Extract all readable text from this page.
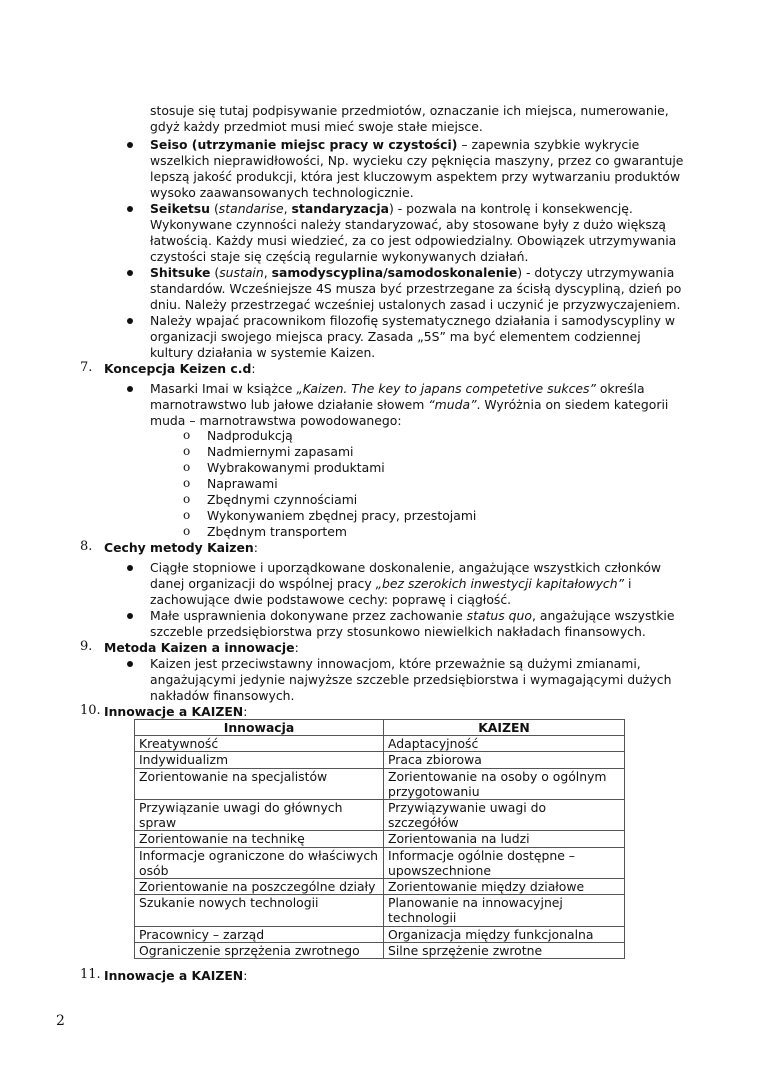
stosuje się tutaj podpisywanie przedmiotów, oznaczanie ich miejsca, numerowanie,
gdyż każdy przedmiot musi mieć swoje stałe miejsce.
Seiso (utrzymanie miejsc pracy w czystości) – zapewnia szybkie wykrycie
wszelkich nieprawidłowości, Np. wycieku czy pęknięcia maszyny, przez co gwarantuje
lepszą jakość produkcji, która jest kluczowym aspektem przy wytwarzaniu produktów
wysoko zaawansowanych technologicznie.
Seiketsu (standarise, standaryzacja) - pozwala na kontrolę i konsekwencję.
Wykonywane czynności należy standaryzować, aby stosowane były z dużo większą
łatwością. Każdy musi wiedzieć, za co jest odpowiedzialny. Obowiązek utrzymywania
czystości staje się częścią regularnie wykonywanych działań.
Shitsuke (sustain, samodyscyplina/samodoskonalenie) - dotyczy utrzymywania
standardów. Wcześniejsze 4S musza być przestrzegane za ścisłą dyscypliną, dzień po
dniu. Należy przestrzegać wcześniej ustalonych zasad i uczynić je przyzwyczajeniem.
Należy wpajać pracownikom filozofię systematycznego działania i samodyscypliny w
organizacji swojego miejsca pracy. Zasada „5S” ma być elementem codziennej
kultury działania w systemie Kaizen.
7. Koncepcja Keizen c.d:
Masarki Imai w książce „Kaizen. The key to japans competetive sukces” określa
marnotrawstwo lub jałowe działanie słowem “muda”. Wyróżnia on siedem kategorii
muda – marnotrawstwa powodowanego:
o Nadprodukcją
o Nadmiernymi zapasami
o Wybrakowanymi produktami
o Naprawami
o Zbędnymi czynnościami
o Wykonywaniem zbędnej pracy, przestojami
o Zbędnym transportem
8. Cechy metody Kaizen:
Ciągłe stopniowe i uporządkowane doskonalenie, angażujące wszystkich członków
danej organizacji do wspólnej pracy „bez szerokich inwestycji kapitałowych” i
zachowujące dwie podstawowe cechy: poprawę i ciągłość.
Małe usprawnienia dokonywane przez zachowanie status quo, angażujące wszystkie
szczeble przedsiębiorstwa przy stosunkowo niewielkich nakładach finansowych.
9. Metoda Kaizen a innowacje:
Kaizen jest przeciwstawny innowacjom, które przeważnie są dużymi zmianami,
angażującymi jedynie najwyższe szczeble przedsiębiorstwa i wymagającymi dużych
nakładów finansowych.
10. Innowacje a KAIZEN:
Innowacja	KAIZEN
Kreatywność	Adaptacyjność
Indywidualizm	Praca zbiorowa
Zorientowanie na specjalistów	Zorientowanie na osoby o ogólnym przygotowaniu
Przywiązanie uwagi do głównych spraw	Przywiązywanie uwagi do szczegółów
Zorientowanie na technikę	Zorientowania na ludzi
Informacje ograniczone do właściwych osób	Informacje ogólnie dostępne – upowszechnione
Zorientowanie na poszczególne działy	Zorientowanie między działowe
Szukanie nowych technologii	Planowanie na innowacyjnej technologii
Pracownicy – zarząd	Organizacja między funkcjonalna
Ograniczenie sprzężenia zwrotnego	Silne sprzężenie zwrotne
11. Innowacje a KAIZEN:
2
